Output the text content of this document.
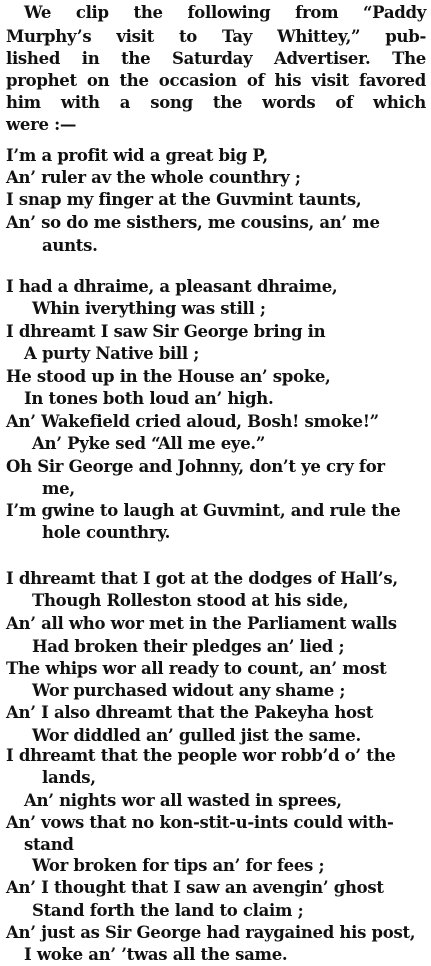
We clip the following from “Paddy
Murphy’s visit to Tay Whittey,” pub-
lished in the Saturday Advertiser. The
prophet on the occasion of his visit favored
him with a song the words of which
were :—
I’m a profit wid a great big P,
An’ ruler av the whole counthry ;
I snap my finger at the Guvmint taunts,
An’ so do me sisthers, me cousins, an’ me
aunts.
I had a dhraime, a pleasant dhraime,
Whin iverything was still ;
I dhreamt I saw Sir George bring in
A purty Native bill ;
He stood up in the House an’ spoke,
In tones both loud an’ high.
An’ Wakefield cried aloud, Bosh! smoke!”
An’ Pyke sed “All me eye.”
Oh Sir George and Johnny, don’t ye cry for
me,
I’m gwine to laugh at Guvmint, and rule the
hole counthry.
I dhreamt that I got at the dodges of Hall’s,
Though Rolleston stood at his side,
An’ all who wor met in the Parliament walls
Had broken their pledges an’ lied ;
The whips wor all ready to count, an’ most
Wor purchased widout any shame ;
An’ I also dhreamt that the Pakeyha host
Wor diddled an’ gulled jist the same.
I dhreamt that the people wor robb’d o’ the
lands,
An’ nights wor all wasted in sprees,
An’ vows that no kon-stit-u-ints could with-
stand
Wor broken for tips an’ for fees ;
An’ I thought that I saw an avengin’ ghost
Stand forth the land to claim ;
An’ just as Sir George had raygained his post,
I woke an’ ’twas all the same.
